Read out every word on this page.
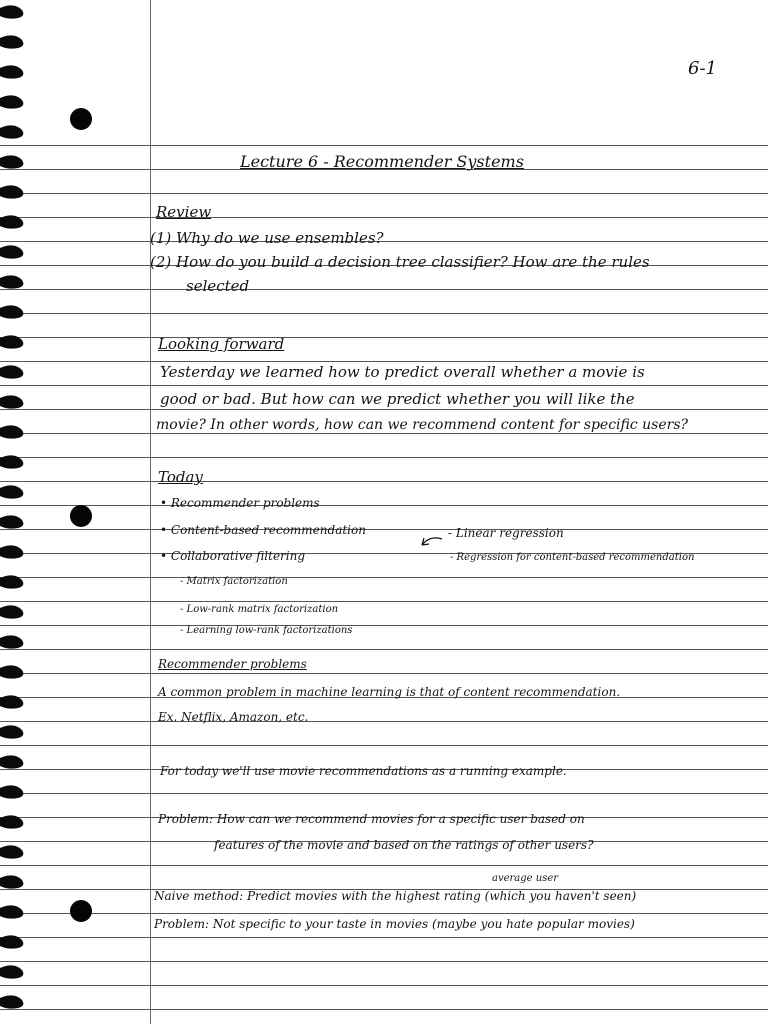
6-1
Lecture 6 - Recommender Systems
Review
(1) Why do we use ensembles?
(2) How do you build a decision tree classifier? How are the rules
selected
Looking forward
Yesterday we learned how to predict overall whether a movie is
good or bad. But how can we predict whether you will like the
movie? In other words, how can we recommend content for specific users?
Today
• Recommender problems
• Content-based recommendation
• Collaborative filtering
- Matrix factorization
- Low-rank matrix factorization
- Learning low-rank factorizations
- Linear regression
- Regression for content-based recommendation
Recommender problems
A common problem in machine learning is that of content recommendation.
Ex. Netflix, Amazon, etc.
For today we'll use movie recommendations as a running example.
Problem: How can we recommend movies for a specific user based on
features of the movie and based on the ratings of other users?
average user
Naive method: Predict movies with the highest rating (which you haven't seen)
Problem: Not specific to your taste in movies (maybe you hate popular movies)
